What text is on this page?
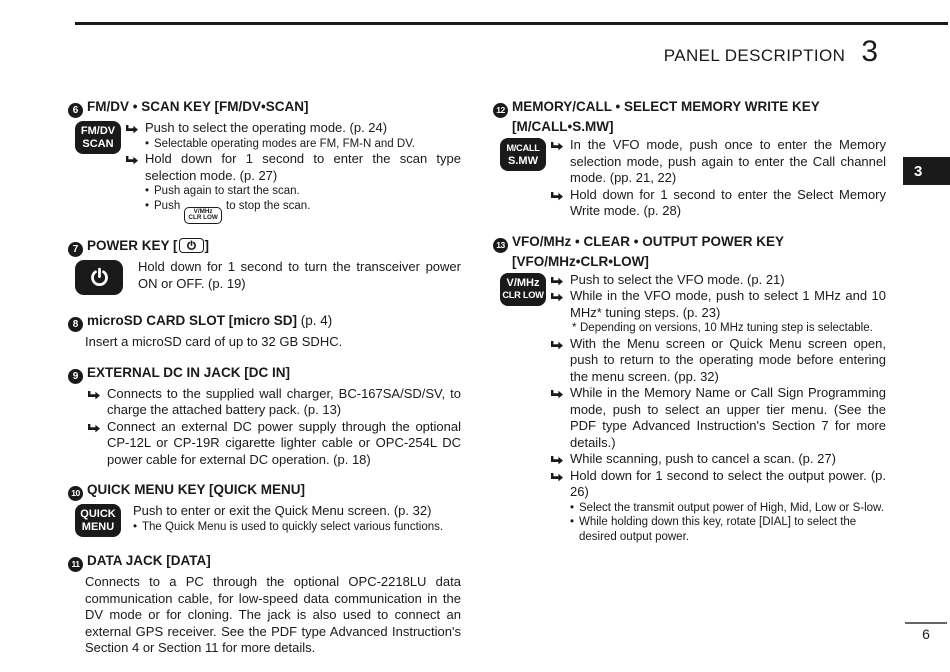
PANEL DESCRIPTION 3
3
6 FM/DV • SCAN KEY [FM/DV•SCAN]
FM/DV
SCAN
Push to select the operating mode. (p. 24)
• Selectable operating modes are FM, FM-N and DV.
Hold down for 1 second to enter the scan type selection mode. (p. 27)
• Push again to start the scan.
• Push V/MHz
CLR LOW
to stop the scan.
7 POWER KEY [ ]
Hold down for 1 second to turn the transceiver power ON or OFF. (p. 19)
8 microSD CARD SLOT [micro SD] (p. 4)
Insert a microSD card of up to 32 GB SDHC.
9 EXTERNAL DC IN JACK [DC IN]
Connects to the supplied wall charger, BC-167SA/SD/SV, to charge the attached battery pack. (p. 13)
Connect an external DC power supply through the optional CP-12L or CP-19R cigarette lighter cable or OPC-254L DC power cable for external DC operation. (p. 18)
10 QUICK MENU KEY [QUICK MENU]
QUICK
MENU
Push to enter or exit the Quick Menu screen. (p. 32)
• The Quick Menu is used to quickly select various functions.
11 DATA JACK [DATA]
Connects to a PC through the optional OPC-2218LU data communication cable, for low-speed data communication in the DV mode or for cloning. The jack is also used to connect an external GPS receiver. See the PDF type Advanced Instruction's Section 4 or Section 11 for more details.
12 MEMORY/CALL • SELECT MEMORY WRITE KEY
[M/CALL•S.MW]
M/CALL
S.MW
In the VFO mode, push once to enter the Memory selection mode, push again to enter the Call channel mode. (pp. 21, 22)
Hold down for 1 second to enter the Select Memory Write mode. (p. 28)
13 VFO/MHz • CLEAR • OUTPUT POWER KEY
[VFO/MHz•CLR•LOW]
V/MHz
CLR LOW
Push to select the VFO mode. (p. 21)
While in the VFO mode, push to select 1 MHz and 10 MHz* tuning steps. (p. 23)
* Depending on versions, 10 MHz tuning step is selectable.
With the Menu screen or Quick Menu screen open, push to return to the operating mode before entering the menu screen. (pp. 32)
While in the Memory Name or Call Sign Programming mode, push to select an upper tier menu. (See the PDF type Advanced Instruction's Section 7 for more details.)
While scanning, push to cancel a scan. (p. 27)
Hold down for 1 second to select the output power. (p. 26)
• Select the transmit output power of High, Mid, Low or S-low.
• While holding down this key, rotate [DIAL] to select the desired output power.
6
